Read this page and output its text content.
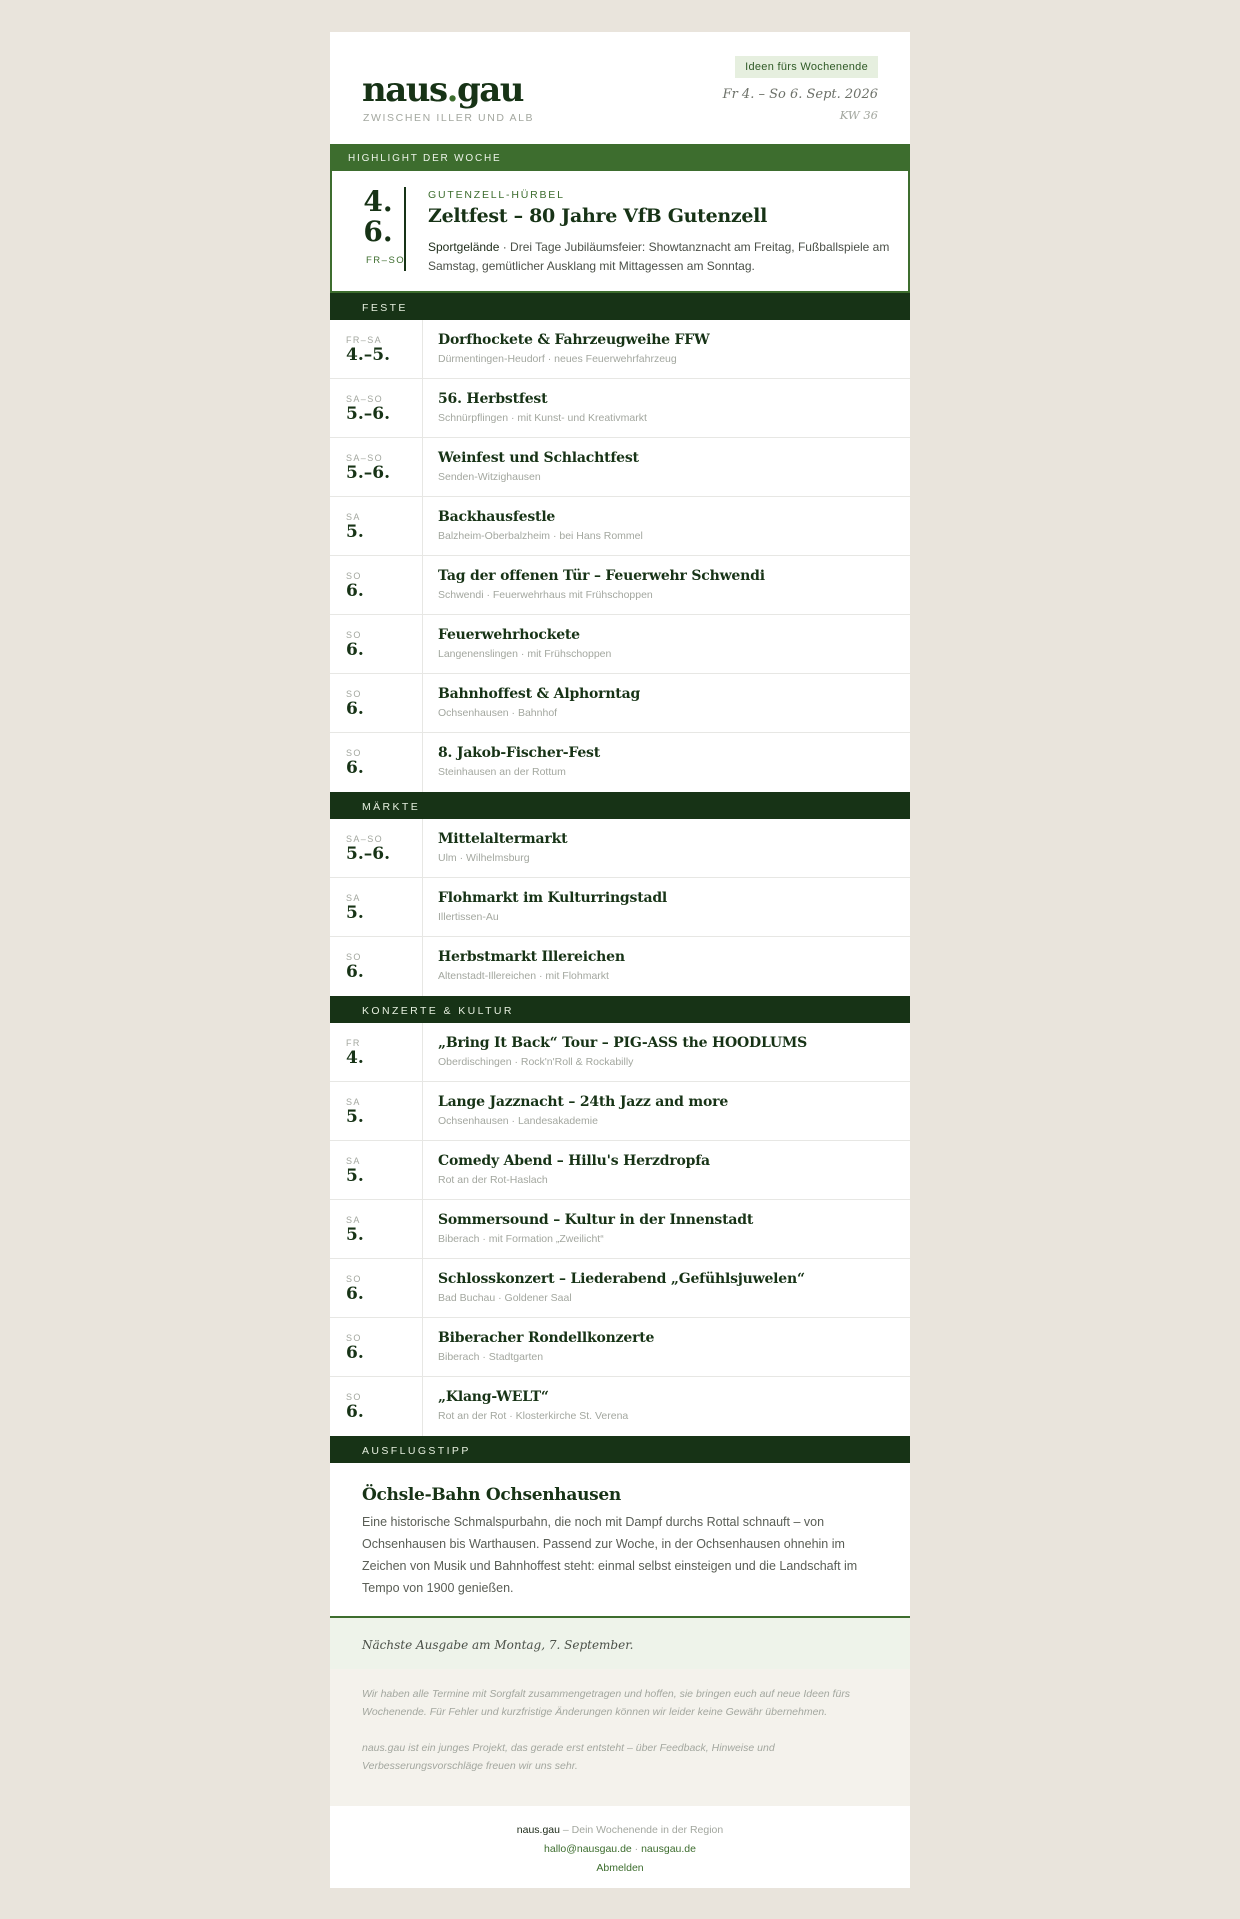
naus.gau
ZWISCHEN ILLER UND ALB
Ideen fürs Wochenende
Fr 4. – So 6. Sept. 2026
KW 36
HIGHLIGHT DER WOCHE
4.
6.
FR–SO
GUTENZELL-HÜRBEL
Zeltfest – 80 Jahre VfB Gutenzell
Sportgelände · Drei Tage Jubiläumsfeier: Showtanznacht am Freitag, Fußballspiele am Samstag, gemütlicher Ausklang mit Mittagessen am Sonntag.
FESTE
FR–SA
4.–5.
Dorfhockete & Fahrzeugweihe FFW
Dürmentingen-Heudorf · neues Feuerwehrfahrzeug
SA–SO
5.–6.
56. Herbstfest
Schnürpflingen · mit Kunst- und Kreativmarkt
SA–SO
5.–6.
Weinfest und Schlachtfest
Senden-Witzighausen
SA
5.
Backhausfestle
Balzheim-Oberbalzheim · bei Hans Rommel
SO
6.
Tag der offenen Tür – Feuerwehr Schwendi
Schwendi · Feuerwehrhaus mit Frühschoppen
SO
6.
Feuerwehrhockete
Langenenslingen · mit Frühschoppen
SO
6.
Bahnhoffest & Alphorntag
Ochsenhausen · Bahnhof
SO
6.
8. Jakob-Fischer-Fest
Steinhausen an der Rottum
MÄRKTE
SA–SO
5.–6.
Mittelaltermarkt
Ulm · Wilhelmsburg
SA
5.
Flohmarkt im Kulturringstadl
Illertissen-Au
SO
6.
Herbstmarkt Illereichen
Altenstadt-Illereichen · mit Flohmarkt
KONZERTE & KULTUR
FR
4.
„Bring It Back“ Tour – PIG-ASS the HOODLUMS
Oberdischingen · Rock'n'Roll & Rockabilly
SA
5.
Lange Jazznacht – 24th Jazz and more
Ochsenhausen · Landesakademie
SA
5.
Comedy Abend – Hillu's Herzdropfa
Rot an der Rot-Haslach
SA
5.
Sommersound – Kultur in der Innenstadt
Biberach · mit Formation „Zweilicht“
SO
6.
Schlosskonzert – Liederabend „Gefühlsjuwelen“
Bad Buchau · Goldener Saal
SO
6.
Biberacher Rondellkonzerte
Biberach · Stadtgarten
SO
6.
„Klang-WELT“
Rot an der Rot · Klosterkirche St. Verena
AUSFLUGSTIPP
Öchsle-Bahn Ochsenhausen
Eine historische Schmalspurbahn, die noch mit Dampf durchs Rottal schnauft – von Ochsenhausen bis Warthausen. Passend zur Woche, in der Ochsenhausen ohnehin im Zeichen von Musik und Bahnhoffest steht: einmal selbst einsteigen und die Landschaft im Tempo von 1900 genießen.
Nächste Ausgabe am Montag, 7. September.

Wir haben alle Termine mit Sorgfalt zusammengetragen und hoffen, sie bringen euch auf neue Ideen fürs Wochenende. Für Fehler und kurzfristige Änderungen können wir leider keine Gewähr übernehmen.

naus.gau ist ein junges Projekt, das gerade erst entsteht – über Feedback, Hinweise und Verbesserungsvorschläge freuen wir uns sehr.

naus.gau – Dein Wochenende in der Region
hallo@nausgau.de · nausgau.de
Abmelden
